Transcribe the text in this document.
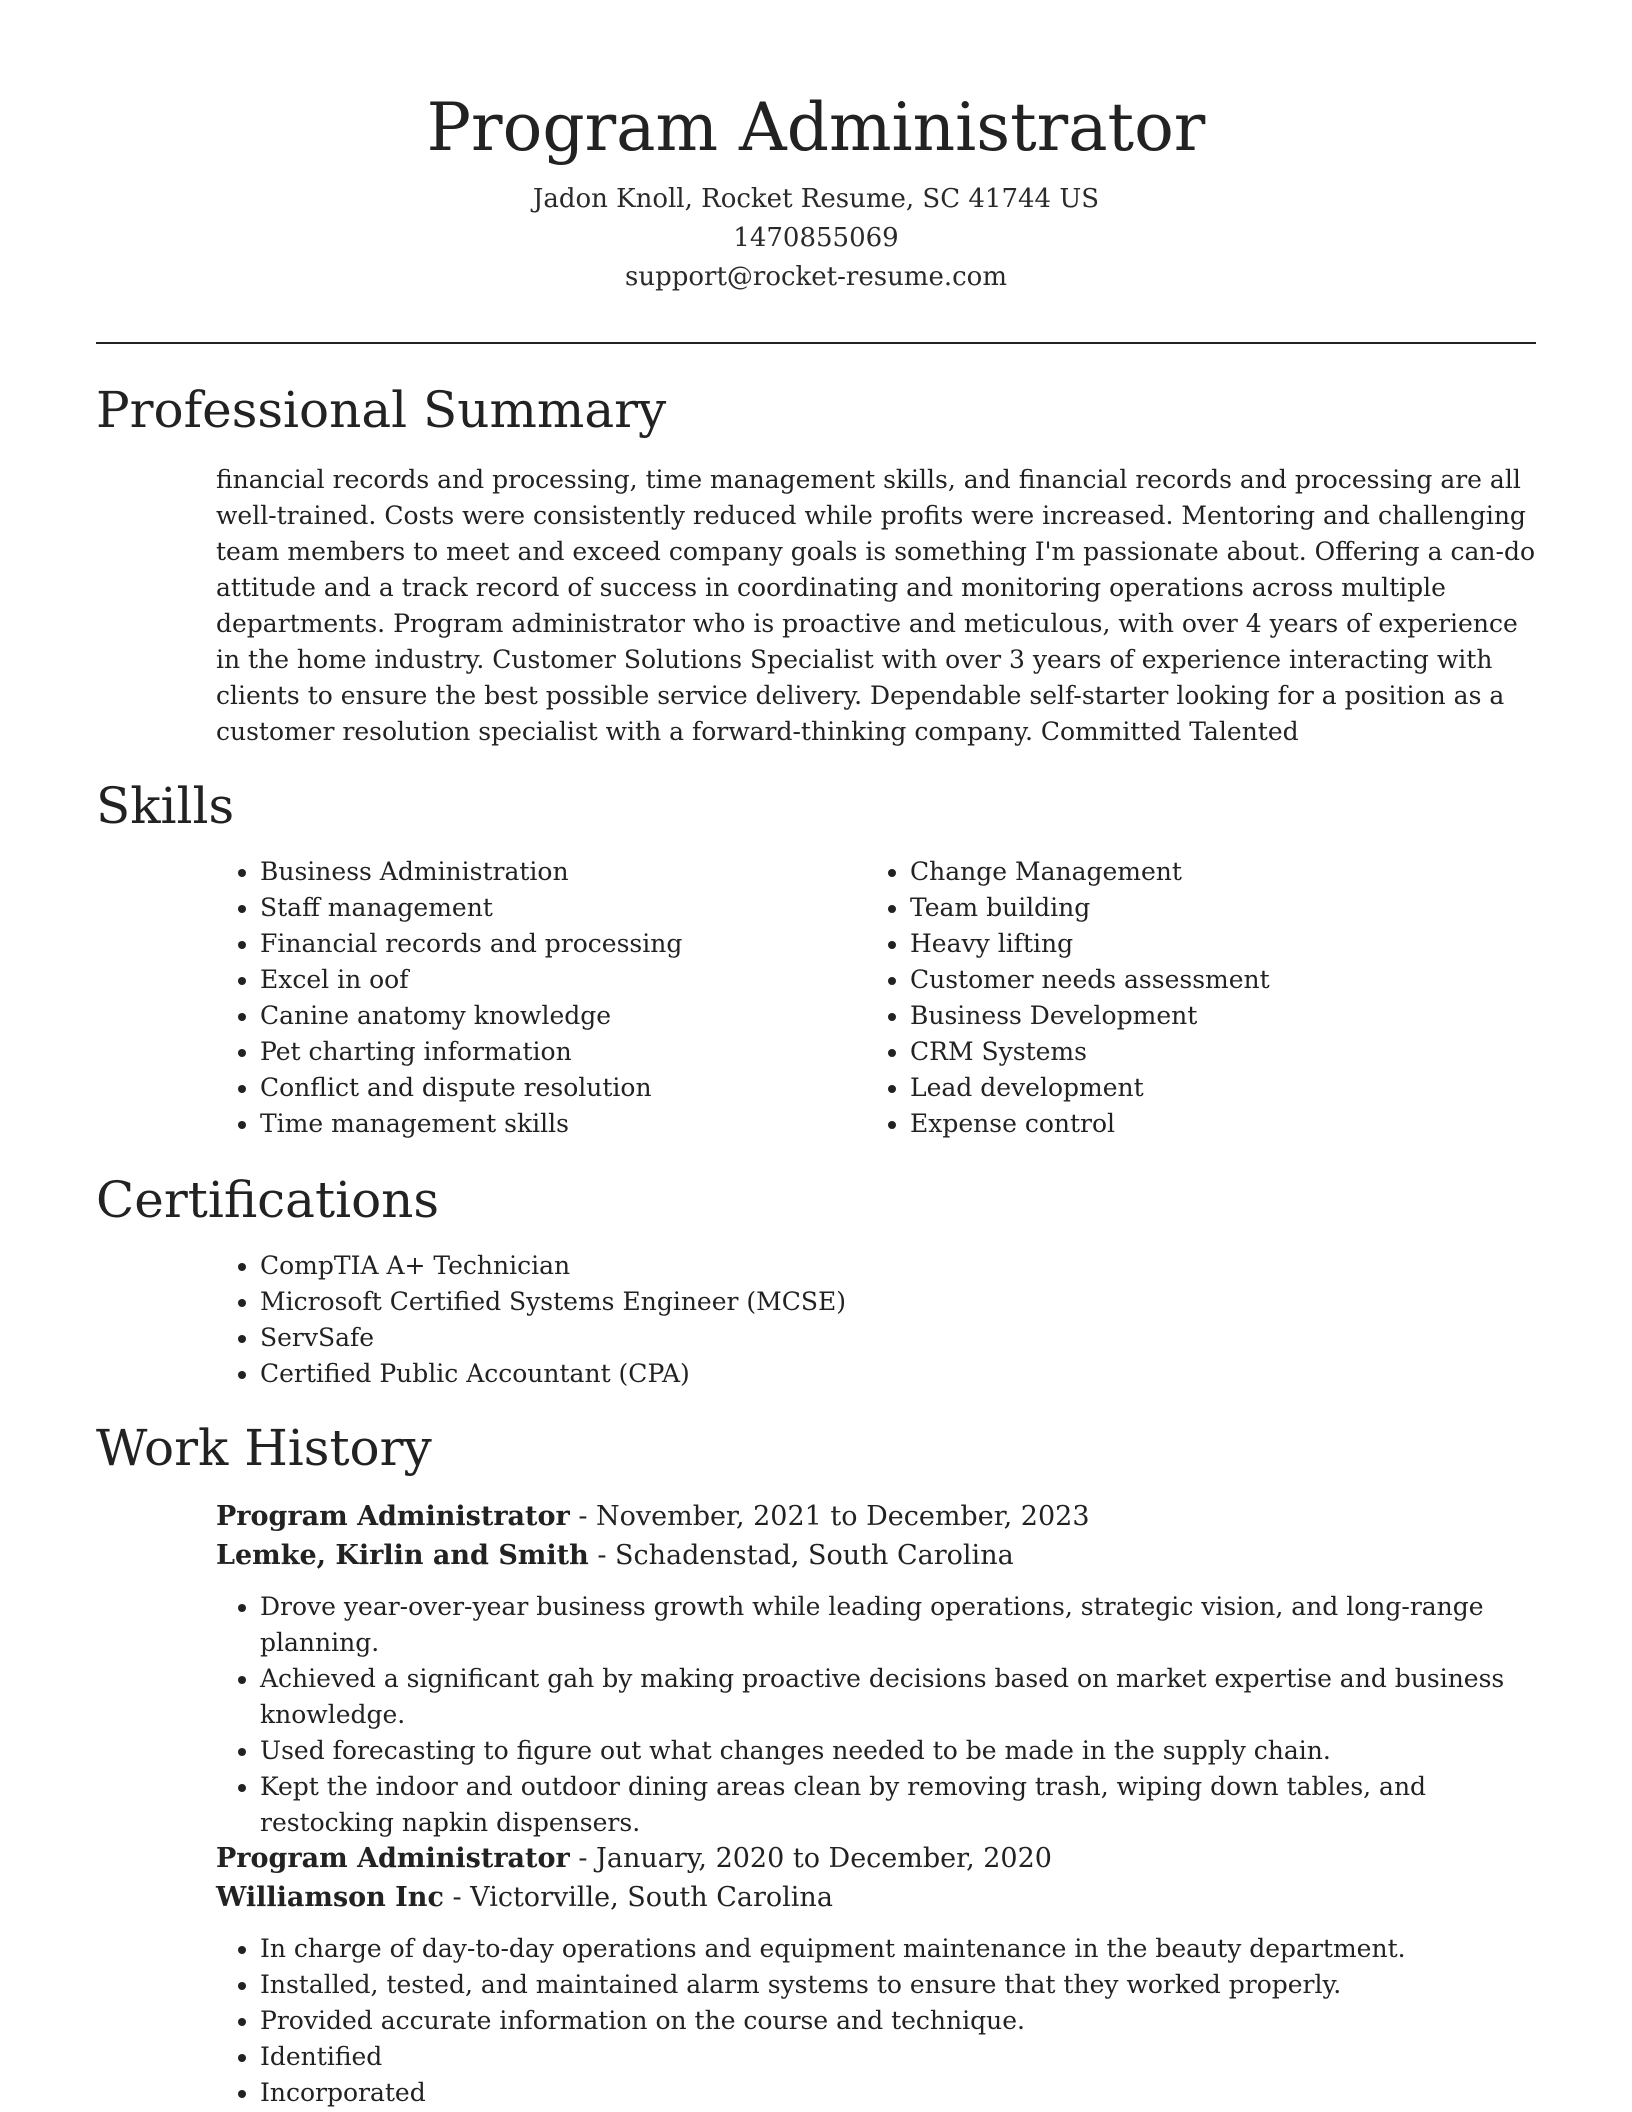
Program Administrator
Jadon Knoll, Rocket Resume, SC 41744 US
1470855069
support@rocket-resume.com
Professional Summary

financial records and processing, time management skills, and financial records and processing are all well-trained. Costs were consistently reduced while profits were increased. Mentoring and challenging team members to meet and exceed company goals is something I'm passionate about. Offering a can-do attitude and a track record of success in coordinating and monitoring operations across multiple departments. Program administrator who is proactive and meticulous, with over 4 years of experience in the home industry. Customer Solutions Specialist with over 3 years of experience interacting with clients to ensure the best possible service delivery. Dependable self-starter looking for a position as a customer resolution specialist with a forward-thinking company. Committed Talented

Skills
• Business Administration
• Staff management
• Financial records and processing
• Excel in oof
• Canine anatomy knowledge
• Pet charting information
• Conflict and dispute resolution
• Time management skills
• Change Management
• Team building
• Heavy lifting
• Customer needs assessment
• Business Development
• CRM Systems
• Lead development
• Expense control
Certifications
• CompTIA A+ Technician
• Microsoft Certified Systems Engineer (MCSE)
• ServSafe
• Certified Public Accountant (CPA)
Work History
Program Administrator - November, 2021 to December, 2023
Lemke, Kirlin and Smith - Schadenstad, South Carolina
• Drove year-over-year business growth while leading operations, strategic vision, and long-range planning.
• Achieved a significant gah by making proactive decisions based on market expertise and business knowledge.
• Used forecasting to figure out what changes needed to be made in the supply chain.
• Kept the indoor and outdoor dining areas clean by removing trash, wiping down tables, and restocking napkin dispensers.
Program Administrator - January, 2020 to December, 2020
Williamson Inc - Victorville, South Carolina
• In charge of day-to-day operations and equipment maintenance in the beauty department.
• Installed, tested, and maintained alarm systems to ensure that they worked properly.
• Provided accurate information on the course and technique.
• Identified
• Incorporated
